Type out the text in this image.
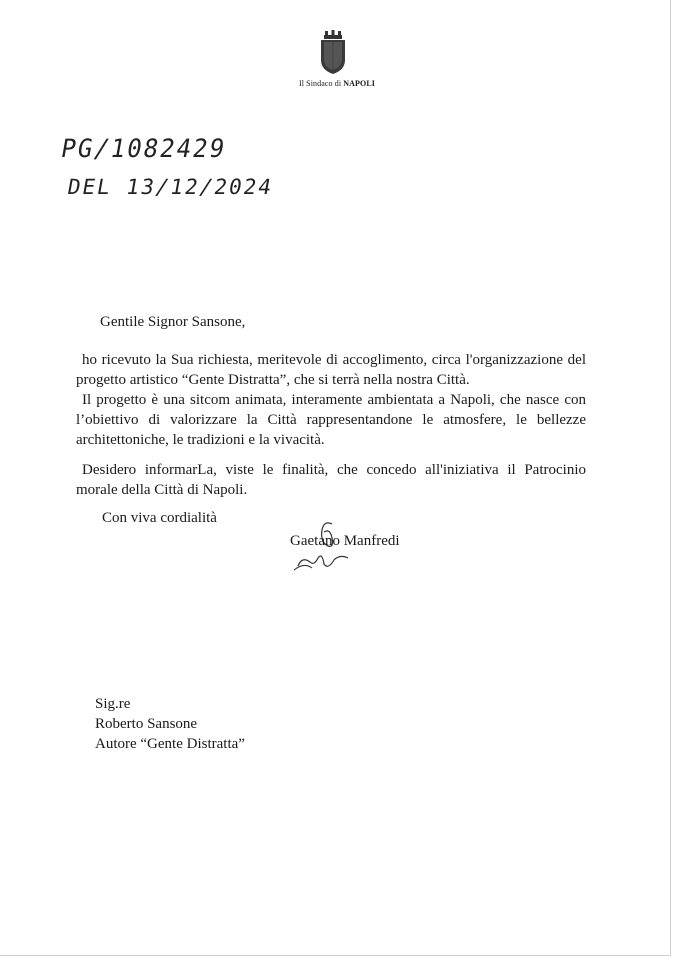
Il Sindaco di NAPOLI
PG/1082429
DEL 13/12/2024
Gentile Signor Sansone,
ho ricevuto la Sua richiesta, meritevole di accoglimento, circa l'organizzazione del progetto artistico “Gente Distratta”, che si terrà nella nostra Città.
Il progetto è una sitcom animata, interamente ambientata a Napoli, che nasce con l’obiettivo di valorizzare la Città rappresentandone le atmosfere, le bellezze architettoniche, le tradizioni e la vivacità.
Desidero informarLa, viste le finalità, che concedo all'iniziativa il Patrocinio morale della Città di Napoli.
Con viva cordialità
Gaetano Manfredi
Sig.re
Roberto Sansone
Autore “Gente Distratta”
